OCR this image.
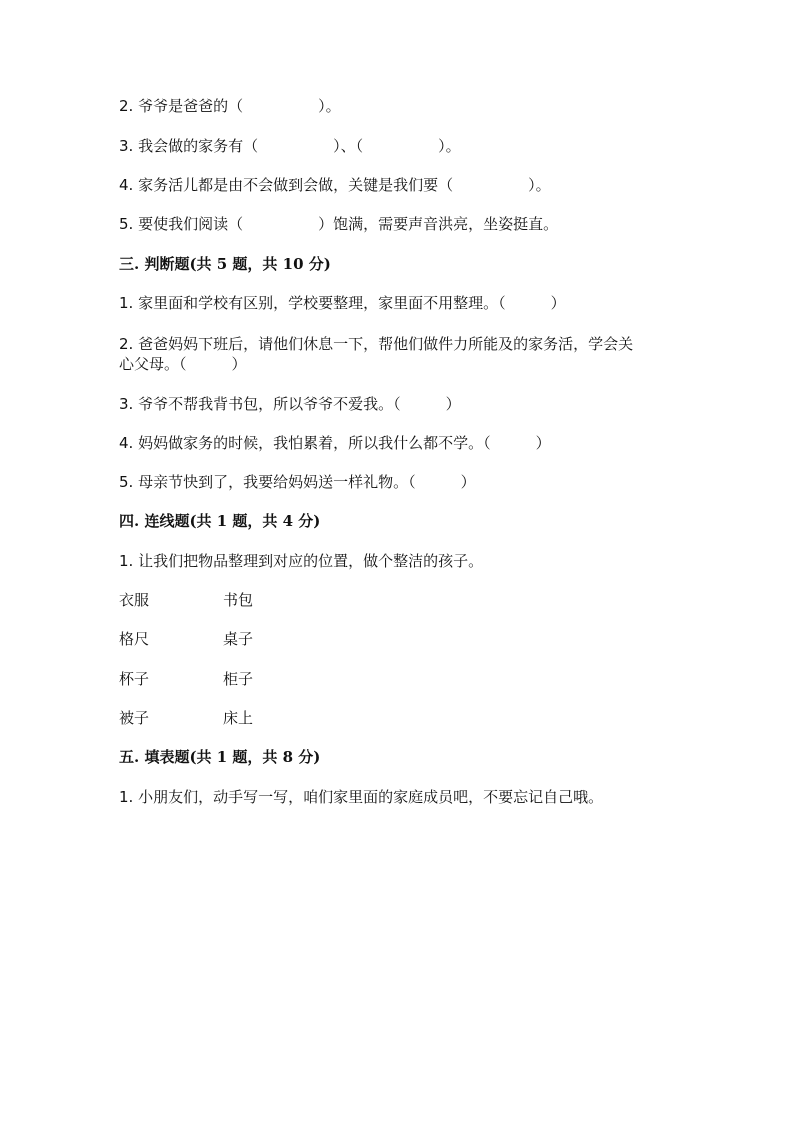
2. 爷爷是爸爸的（　　　　　）。
3. 我会做的家务有（　　　　　）、（　　　　　）。
4. 家务活儿都是由不会做到会做，关键是我们要（　　　　　）。
5. 要使我们阅读（　　　　　）饱满，需要声音洪亮，坐姿挺直。
三. 判断题(共 5 题，共 10 分)
1. 家里面和学校有区别，学校要整理，家里面不用整理。（　　　）
2. 爸爸妈妈下班后，请他们休息一下，帮他们做件力所能及的家务活，学会关
心父母。（　　　）
3. 爷爷不帮我背书包，所以爷爷不爱我。（　　　）
4. 妈妈做家务的时候，我怕累着，所以我什么都不学。（　　　）
5. 母亲节快到了，我要给妈妈送一样礼物。（　　　）
四. 连线题(共 1 题，共 4 分)
1. 让我们把物品整理到对应的位置，做个整洁的孩子。
衣服	书包
格尺	桌子
杯子	柜子
被子	床上
五. 填表题(共 1 题，共 8 分)
1. 小朋友们，动手写一写，咱们家里面的家庭成员吧，不要忘记自己哦。
